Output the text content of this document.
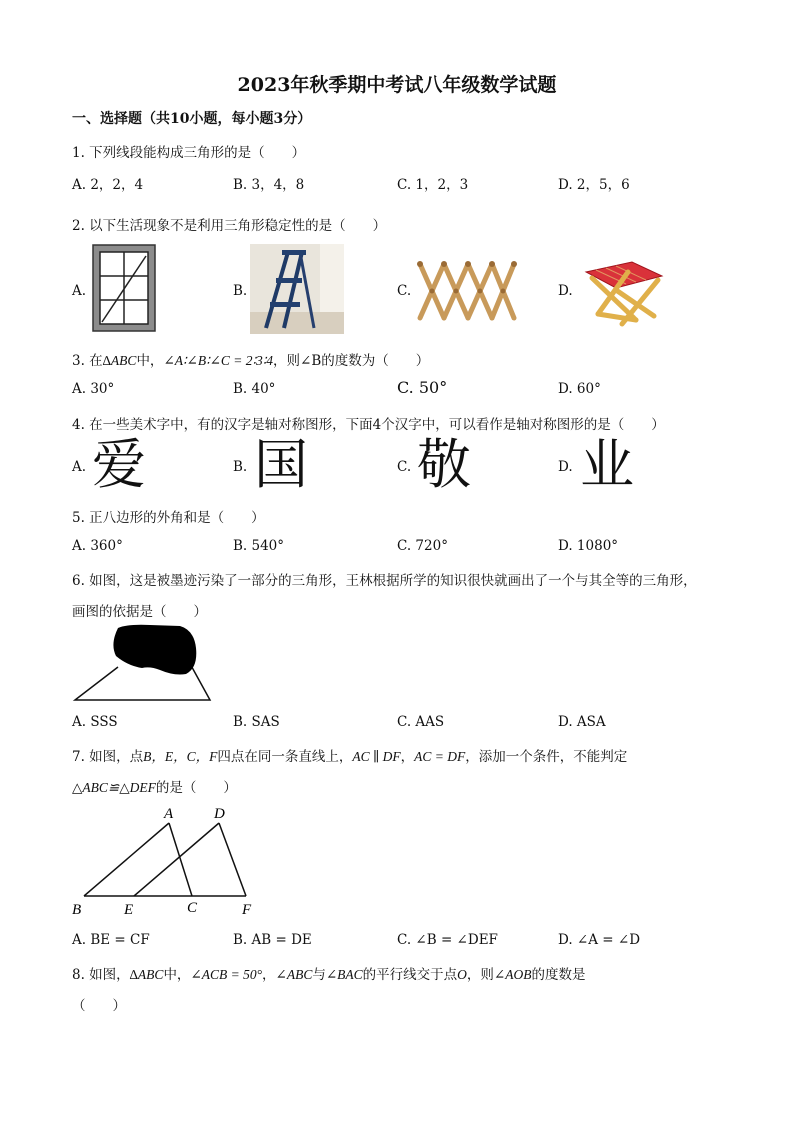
2023年秋季期中考试八年级数学试题
一、选择题（共10小题，每小题3分）
1. 下列线段能构成三角形的是（　　）
A. 2，2，4	B. 3，4，8	C. 1，2，3	D. 2，5，6
2. 以下生活现象不是利用三角形稳定性的是（　　）
A.	B.	C.	D.
3. 在∆ABC中，∠A∶∠B∶∠C = 2∶3∶4，则∠B的度数为（　　）
A. 30°	B. 40°	C. 50°	D. 60°
4. 在一些美术字中，有的汉字是轴对称图形，下面4个汉字中，可以看作是轴对称图形的是（　　）
A.	B.	C.	D.
爱 国 敬 业
5. 正八边形的外角和是（　　）
A. 360°	B. 540°	C. 720°	D. 1080°
6. 如图，这是被墨迹污染了一部分的三角形，王林根据所学的知识很快就画出了一个与其全等的三角形，
画图的依据是（　　）
A. SSS	B. SAS	C. AAS	D. ASA
7. 如图，点B，E，C，F四点在同一条直线上，AC ∥ DF，AC = DF，添加一个条件，不能判定
△ABC≌△DEF的是（　　）
A	D
B	E	C	F
A. BE = CF	B. AB = DE	C. ∠B = ∠DEF	D. ∠A = ∠D
8. 如图，∆ABC中，∠ACB = 50°，∠ABC与∠BAC的平行线交于点O，则∠AOB的度数是
（　　）
